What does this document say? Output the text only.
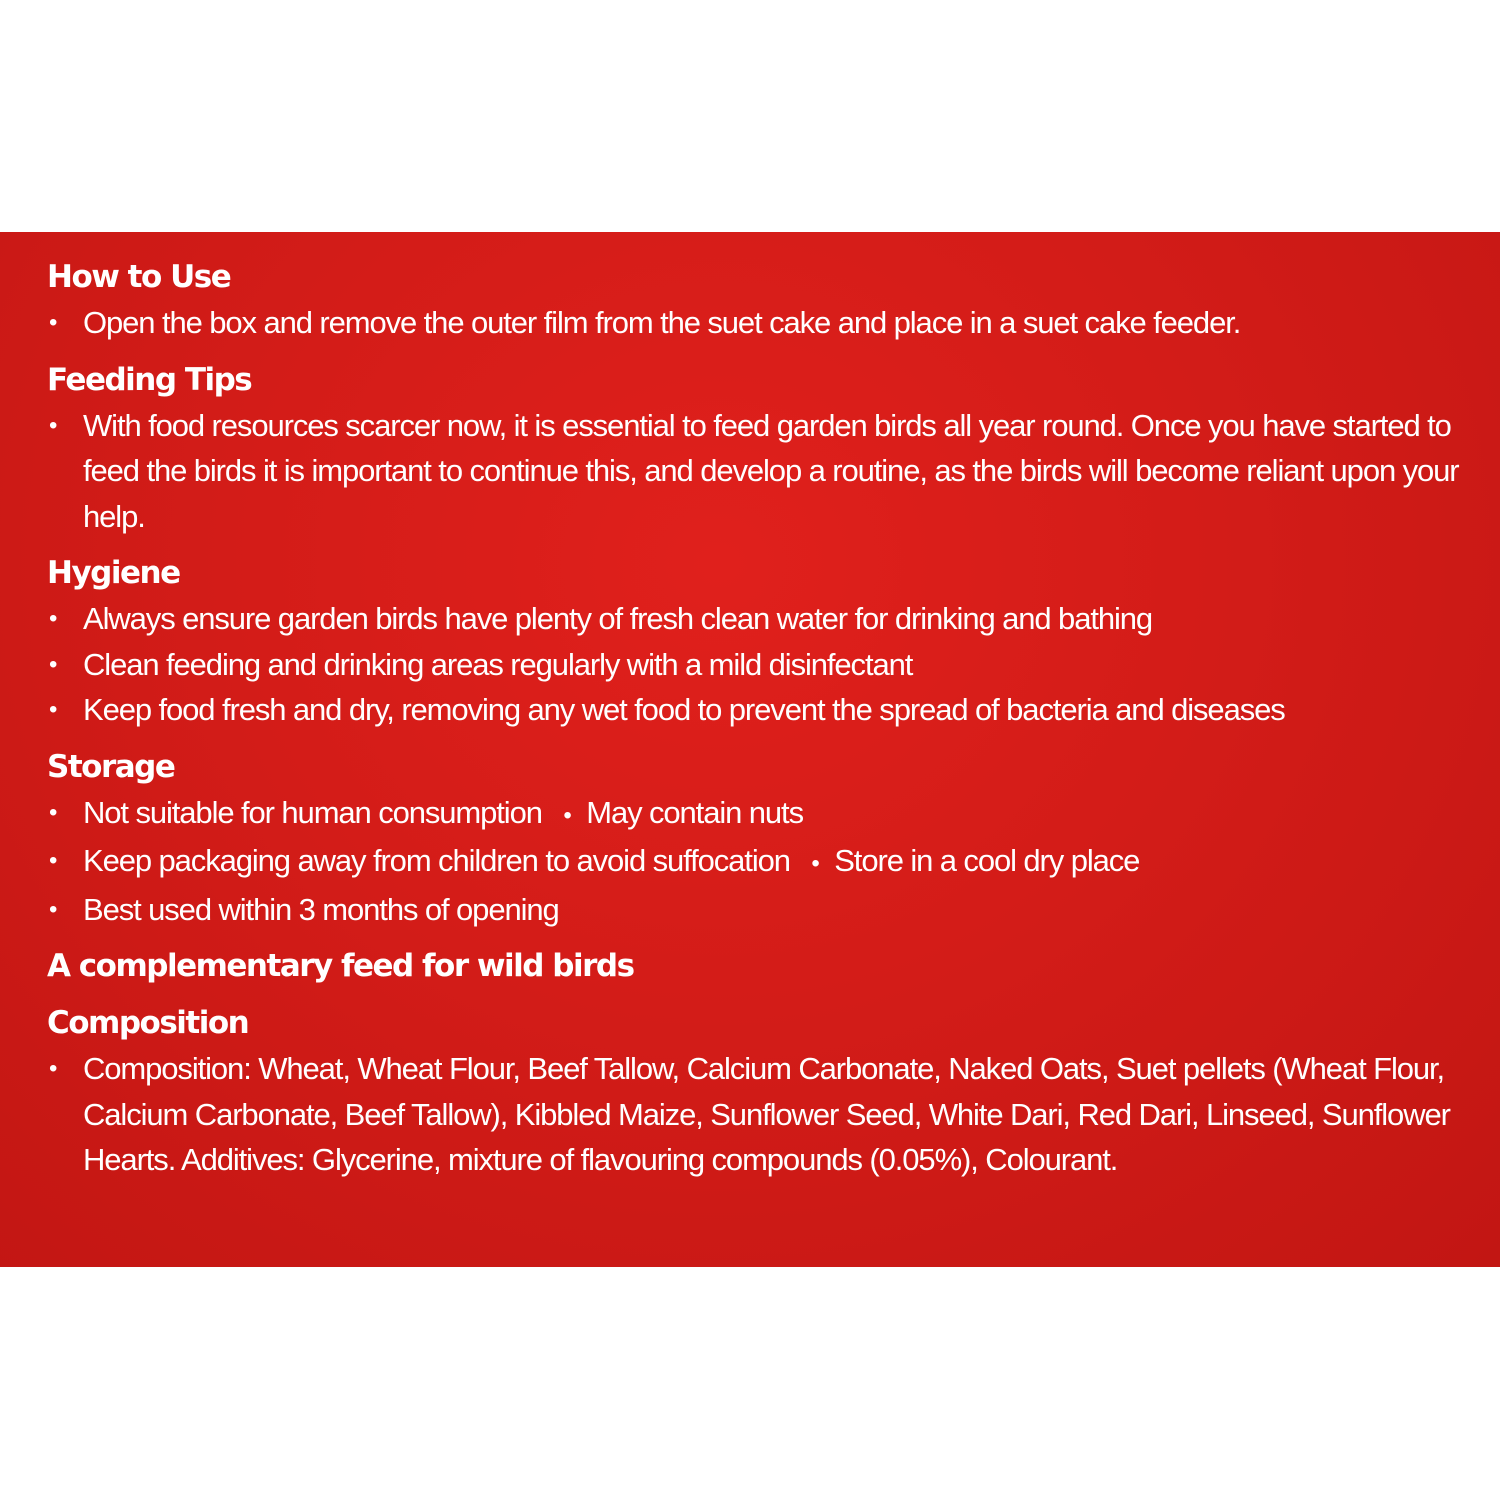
How to Use
• Open the box and remove the outer film from the suet cake and place in a suet cake feeder.
Feeding Tips
• With food resources scarcer now, it is essential to feed garden birds all year round. Once you have started to feed the birds it is important to continue this, and develop a routine, as the birds will become reliant upon your help.
Hygiene
• Always ensure garden birds have plenty of fresh clean water for drinking and bathing
• Clean feeding and drinking areas regularly with a mild disinfectant
• Keep food fresh and dry, removing any wet food to prevent the spread of bacteria and diseases
Storage
• Not suitable for human consumption • May contain nuts
• Keep packaging away from children to avoid suffocation • Store in a cool dry place
• Best used within 3 months of opening
A complementary feed for wild birds
Composition
• Composition: Wheat, Wheat Flour, Beef Tallow, Calcium Carbonate, Naked Oats, Suet pellets (Wheat Flour, Calcium Carbonate, Beef Tallow), Kibbled Maize, Sunflower Seed, White Dari, Red Dari, Linseed, Sunflower Hearts. Additives: Glycerine, mixture of flavouring compounds (0.05%), Colourant.
